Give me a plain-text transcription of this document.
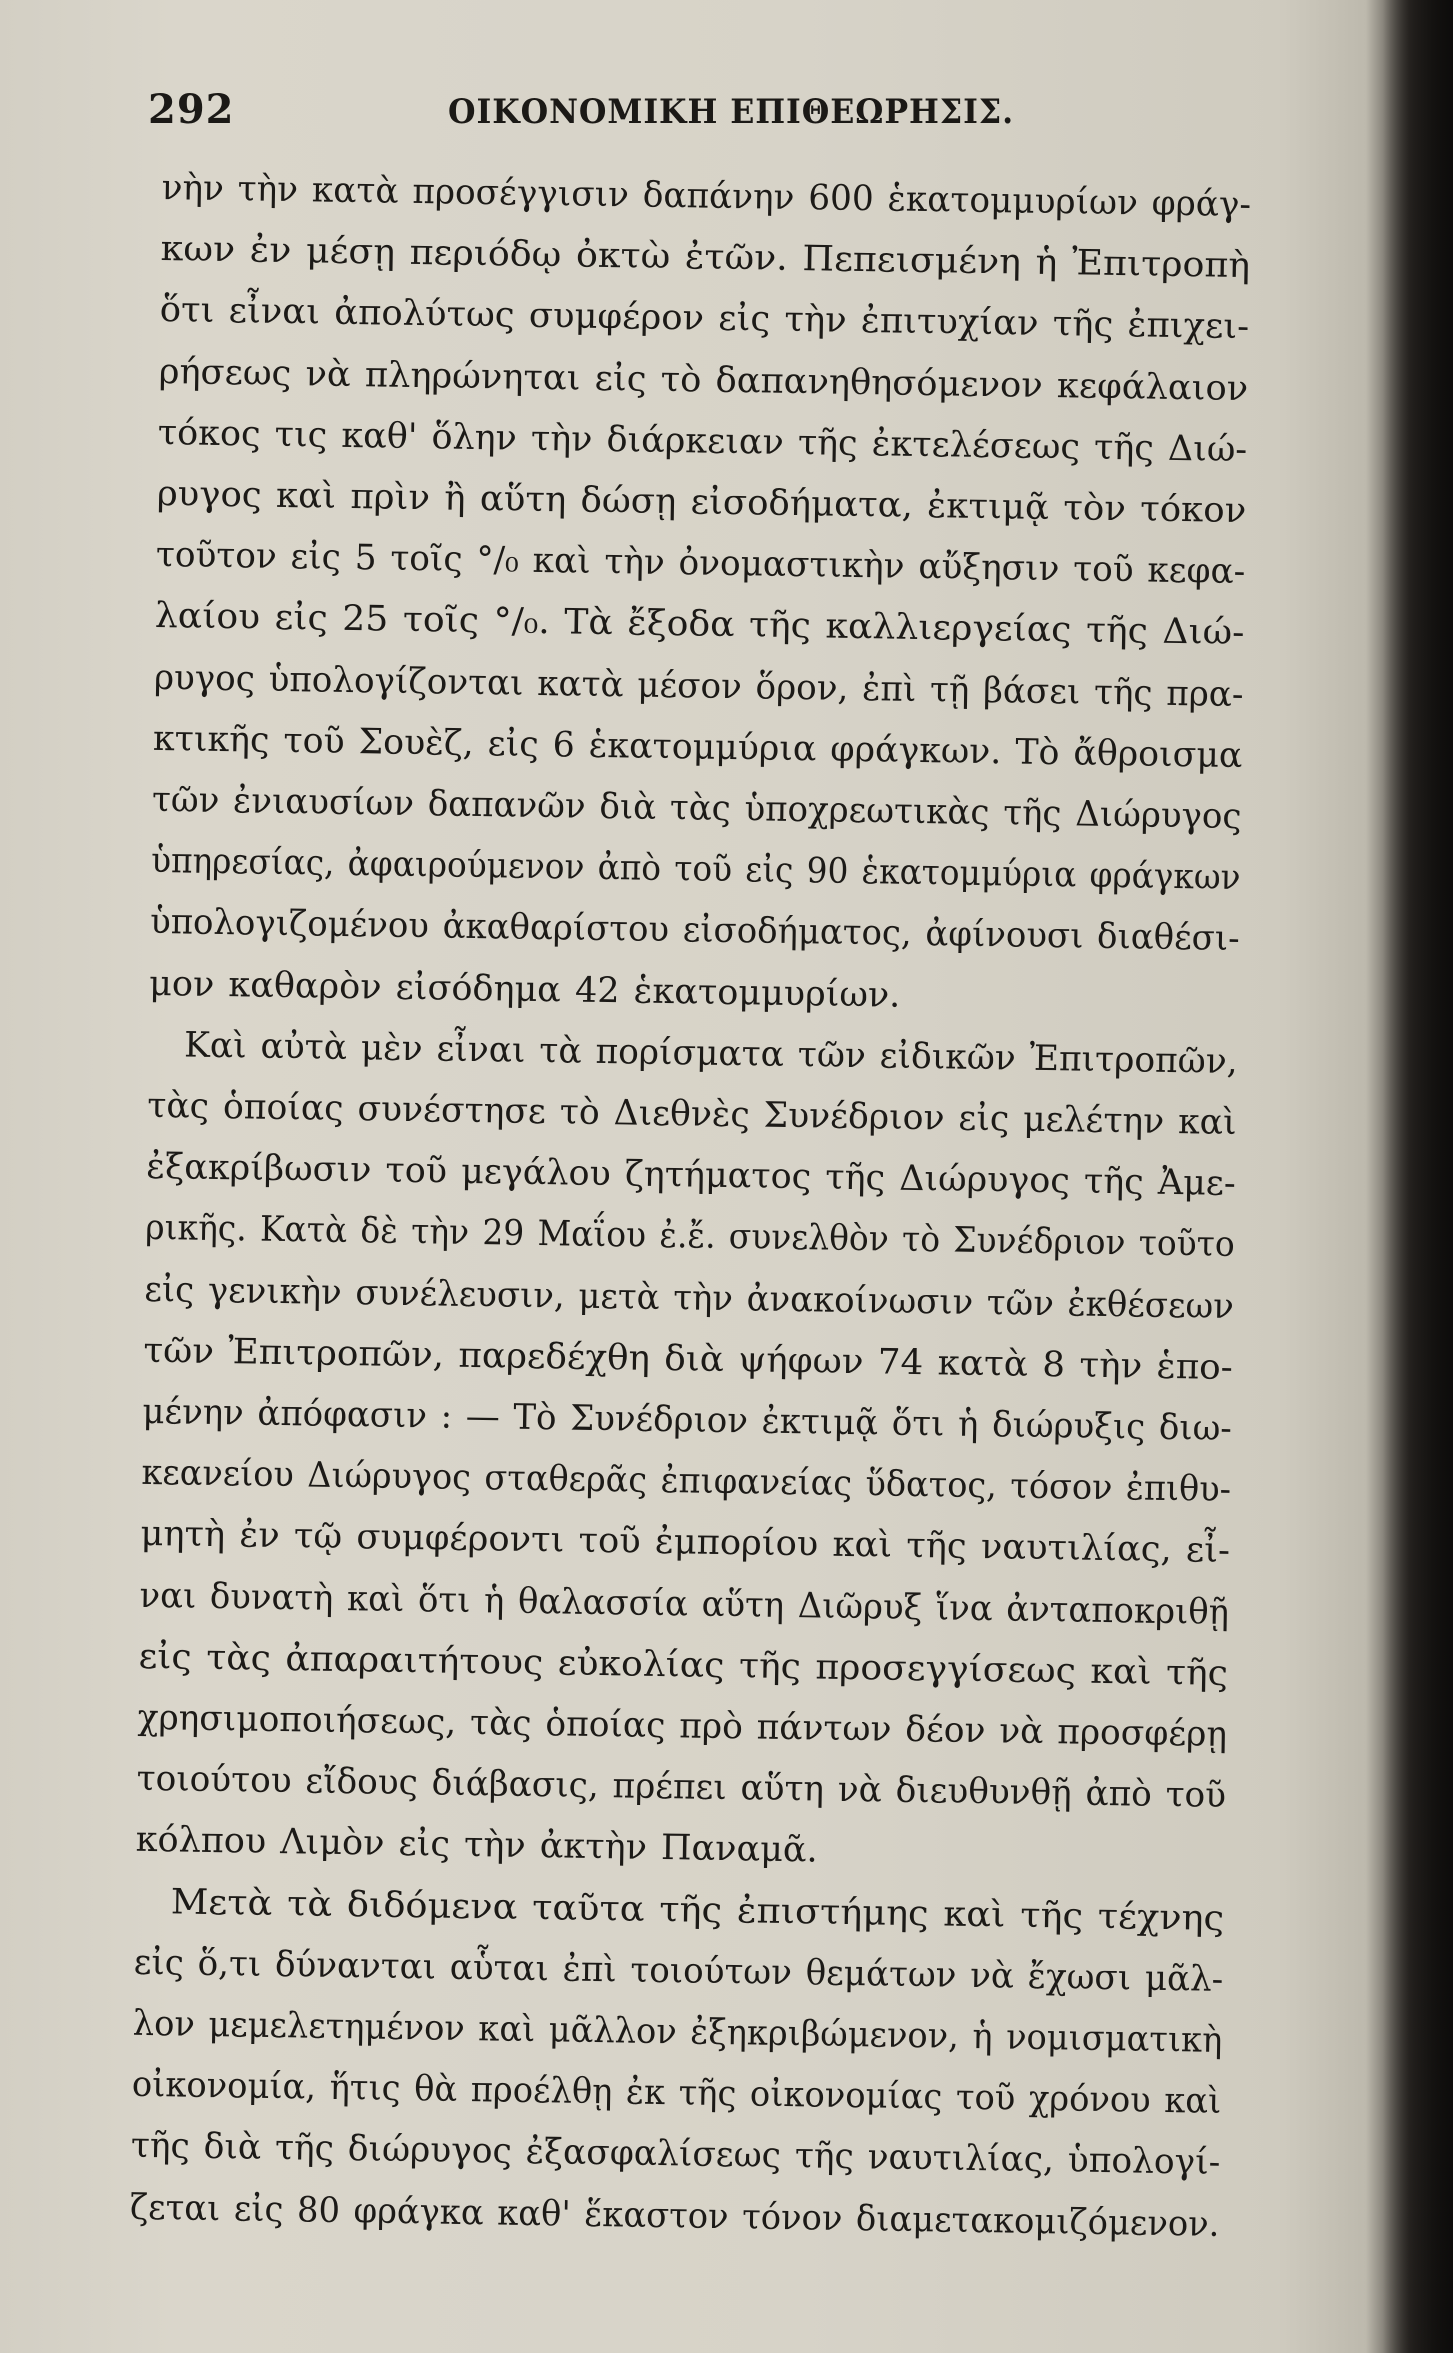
292	ΟΙΚΟΝΟΜΙΚΗ ΕΠΙΘΕΩΡΗΣΙΣ.
νὴν τὴν κατὰ προσέγγισιν δαπάνην 600 ἑκατομμυρίων φράγ-
κων ἐν μέσῃ περιόδῳ ὀκτὼ ἐτῶν. Πεπεισμένη ἡ Ἐπιτροπὴ
ὅτι εἶναι ἀπολύτως συμφέρον εἰς τὴν ἐπιτυχίαν τῆς ἐπιχει-
ρήσεως νὰ πληρώνηται εἰς τὸ δαπανηθησόμενον κεφάλαιον
τόκος τις καθ' ὅλην τὴν διάρκειαν τῆς ἐκτελέσεως τῆς Διώ-
ρυγος καὶ πρὶν ἢ αὕτη δώσῃ εἰσοδήματα, ἐκτιμᾷ τὸν τόκον
τοῦτον εἰς 5 τοῖς °/₀ καὶ τὴν ὀνομαστικὴν αὔξησιν τοῦ κεφα-
λαίου εἰς 25 τοῖς °/₀. Τὰ ἔξοδα τῆς καλλιεργείας τῆς Διώ-
ρυγος ὑπολογίζονται κατὰ μέσον ὅρον, ἐπὶ τῇ βάσει τῆς πρα-
κτικῆς τοῦ Σουὲζ, εἰς 6 ἑκατομμύρια φράγκων. Τὸ ἄθροισμα
τῶν ἐνιαυσίων δαπανῶν διὰ τὰς ὑποχρεωτικὰς τῆς Διώρυγος
ὑπηρεσίας, ἀφαιρούμενον ἀπὸ τοῦ εἰς 90 ἑκατομμύρια φράγκων
ὑπολογιζομένου ἀκαθαρίστου εἰσοδήματος, ἀφίνουσι διαθέσι-
μον καθαρὸν εἰσόδημα 42 ἑκατομμυρίων.
Καὶ αὐτὰ μὲν εἶναι τὰ πορίσματα τῶν εἰδικῶν Ἐπιτροπῶν,
τὰς ὁποίας συνέστησε τὸ Διεθνὲς Συνέδριον εἰς μελέτην καὶ
ἐξακρίβωσιν τοῦ μεγάλου ζητήματος τῆς Διώρυγος τῆς Ἀμε-
ρικῆς. Κατὰ δὲ τὴν 29 Μαΐου ἐ.ἔ. συνελθὸν τὸ Συνέδριον τοῦτο
εἰς γενικὴν συνέλευσιν, μετὰ τὴν ἀνακοίνωσιν τῶν ἐκθέσεων
τῶν Ἐπιτροπῶν, παρεδέχθη διὰ ψήφων 74 κατὰ 8 τὴν ἑπο-
μένην ἀπόφασιν : — Τὸ Συνέδριον ἐκτιμᾷ ὅτι ἡ διώρυξις διω-
κεανείου Διώρυγος σταθερᾶς ἐπιφανείας ὕδατος, τόσον ἐπιθυ-
μητὴ ἐν τῷ συμφέροντι τοῦ ἐμπορίου καὶ τῆς ναυτιλίας, εἶ-
ναι δυνατὴ καὶ ὅτι ἡ θαλασσία αὕτη Διῶρυξ ἵνα ἀνταποκριθῇ
εἰς τὰς ἀπαραιτήτους εὐκολίας τῆς προσεγγίσεως καὶ τῆς
χρησιμοποιήσεως, τὰς ὁποίας πρὸ πάντων δέον νὰ προσφέρῃ
τοιούτου εἴδους διάβασις, πρέπει αὕτη νὰ διευθυνθῇ ἀπὸ τοῦ
κόλπου Λιμὸν εἰς τὴν ἀκτὴν Παναμᾶ.
Μετὰ τὰ διδόμενα ταῦτα τῆς ἐπιστήμης καὶ τῆς τέχνης
εἰς ὅ,τι δύνανται αὗται ἐπὶ τοιούτων θεμάτων νὰ ἔχωσι μᾶλ-
λον μεμελετημένον καὶ μᾶλλον ἐξηκριβώμενον, ἡ νομισματικὴ
οἰκονομία, ἥτις θὰ προέλθῃ ἐκ τῆς οἰκονομίας τοῦ χρόνου καὶ
τῆς διὰ τῆς διώρυγος ἐξασφαλίσεως τῆς ναυτιλίας, ὑπολογί-
ζεται εἰς 80 φράγκα καθ' ἕκαστον τόνον διαμετακομιζόμενον.
